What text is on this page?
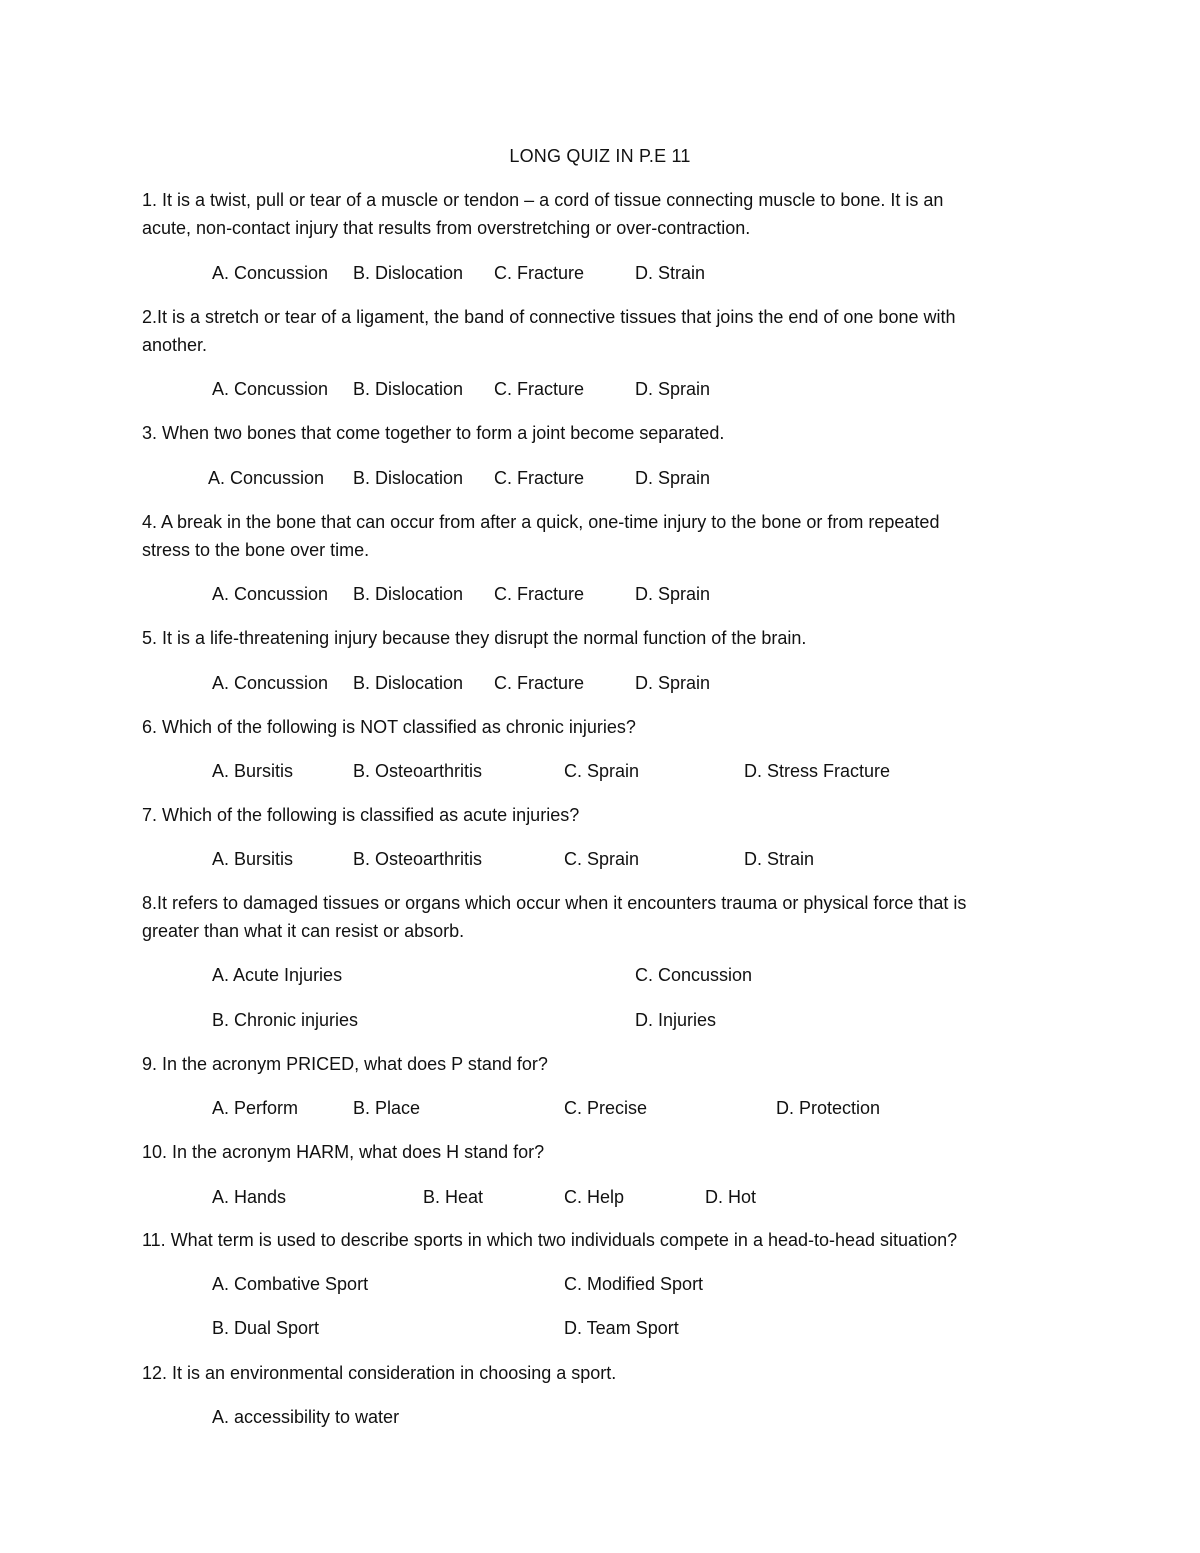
LONG QUIZ IN P.E 11
1. It is a twist, pull or tear of a muscle or tendon – a cord of tissue connecting muscle to bone. It is an
acute, non-contact injury that results from overstretching or over-contraction.
A. Concussion B. Dislocation C. Fracture	D. Strain
2.It is a stretch or tear of a ligament, the band of connective tissues that joins the end of one bone with
another.
A. Concussion B. Dislocation C. Fracture	D. Sprain
3. When two bones that come together to form a joint become separated.
A. Concussion B. Dislocation C. Fracture	D. Sprain
4. A break in the bone that can occur from after a quick, one-time injury to the bone or from repeated
stress to the bone over time.
A. Concussion B. Dislocation C. Fracture	D. Sprain
5. It is a life-threatening injury because they disrupt the normal function of the brain.
A. Concussion B. Dislocation C. Fracture	D. Sprain
6. Which of the following is NOT classified as chronic injuries?
A. Bursitis	B. Osteoarthritis	C. Sprain	D. Stress Fracture
7. Which of the following is classified as acute injuries?
A. Bursitis	B. Osteoarthritis	C. Sprain	D. Strain
8.It refers to damaged tissues or organs which occur when it encounters trauma or physical force that is
greater than what it can resist or absorb.
A. Acute Injuries	C. Concussion
B. Chronic injuries	D. Injuries
9. In the acronym PRICED, what does P stand for?
A. Perform	B. Place	C. Precise	D. Protection
10. In the acronym HARM, what does H stand for?
A. Hands	B. Heat	C. Help	D. Hot
11. What term is used to describe sports in which two individuals compete in a head-to-head situation?
A. Combative Sport	C. Modified Sport
B. Dual Sport	D. Team Sport
12. It is an environmental consideration in choosing a sport.
A. accessibility to water
